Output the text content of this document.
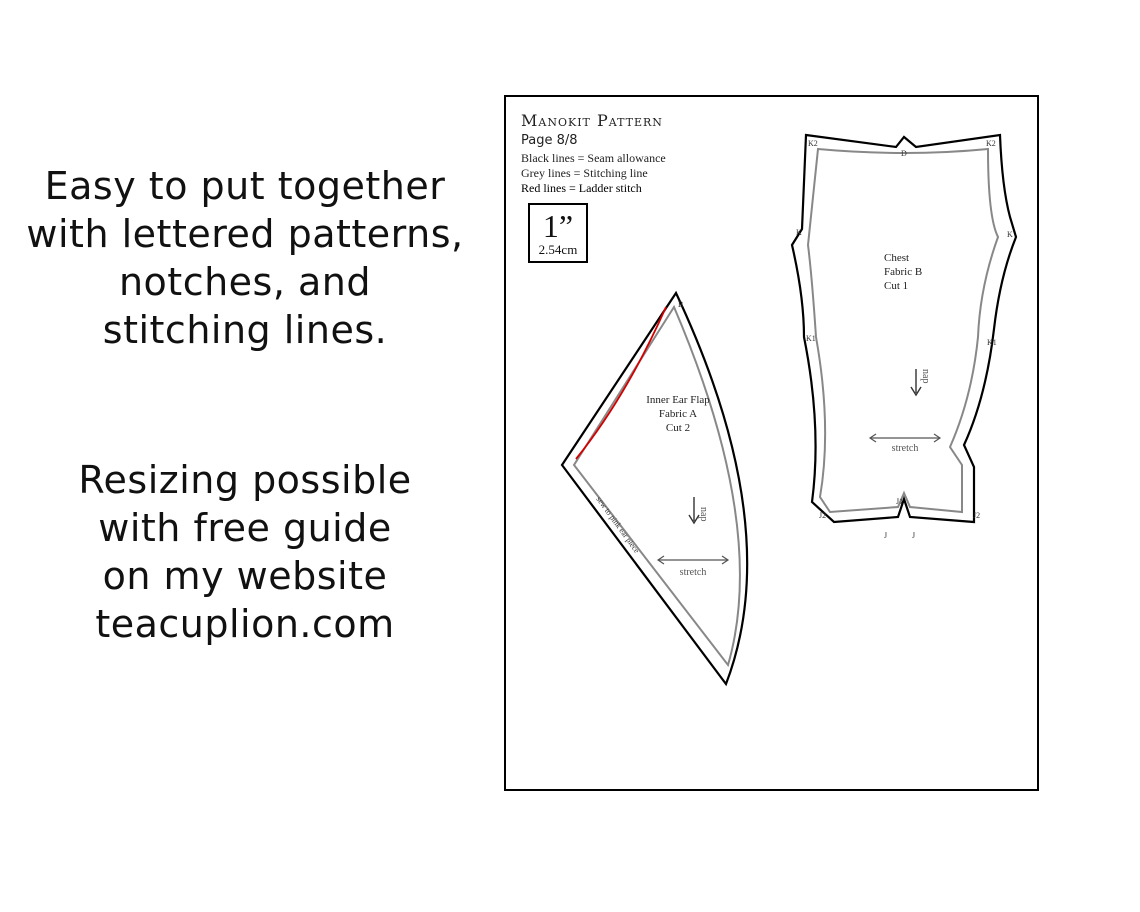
Easy to put together
with lettered patterns,
notches, and
stitching lines.
Resizing possible
with free guide
on my website
teacuplion.com
Manokit Pattern
Page 8/8
Black lines = Seam allowance
Grey lines = Stitching line
Red lines = Ladder stitch
1”
2.54cm
B
Inner Ear Flap
Fabric A
Cut 2
nap
stretch
sew to pink ear piece
K2	K2
D
K	K
K1	K1
J1
J2	J2
J	J
Chest
Fabric B
Cut 1
nap
stretch
